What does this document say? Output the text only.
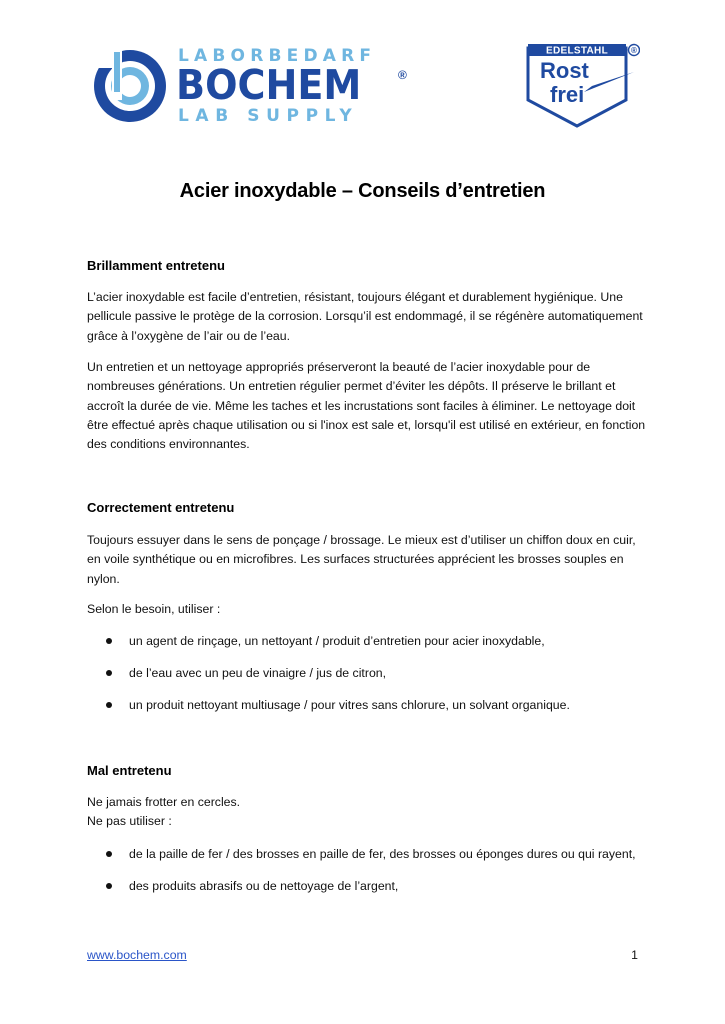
LABORBEDARF
BOCHEM	®
LAB SUPPLY
EDELSTAHL	®
Rost
frei
Acier inoxydable – Conseils d’entretien
Brillamment entretenu
L’acier inoxydable est facile d’entretien, résistant, toujours élégant et durablement hygiénique. Une pellicule passive le protège de la corrosion. Lorsqu’il est endommagé, il se régénère automatiquement grâce à l’oxygène de l’air ou de l’eau.
Un entretien et un nettoyage appropriés préserveront la beauté de l’acier inoxydable pour de nombreuses générations. Un entretien régulier permet d’éviter les dépôts. Il préserve le brillant et accroît la durée de vie. Même les taches et les incrustations sont faciles à éliminer. Le nettoyage doit être effectué après chaque utilisation ou si l'inox est sale et, lorsqu'il est utilisé en extérieur, en fonction des conditions environnantes.
Correctement entretenu
Toujours essuyer dans le sens de ponçage / brossage. Le mieux est d’utiliser un chiffon doux en cuir, en voile synthétique ou en microfibres. Les surfaces structurées apprécient les brosses souples en nylon.
Selon le besoin, utiliser :
un agent de rinçage, un nettoyant / produit d’entretien pour acier inoxydable,
de l’eau avec un peu de vinaigre / jus de citron,
un produit nettoyant multiusage / pour vitres sans chlorure, un solvant organique.
Mal entretenu
Ne jamais frotter en cercles.
Ne pas utiliser :
de la paille de fer / des brosses en paille de fer, des brosses ou éponges dures ou qui rayent,
des produits abrasifs ou de nettoyage de l’argent,
www.bochem.com	1
